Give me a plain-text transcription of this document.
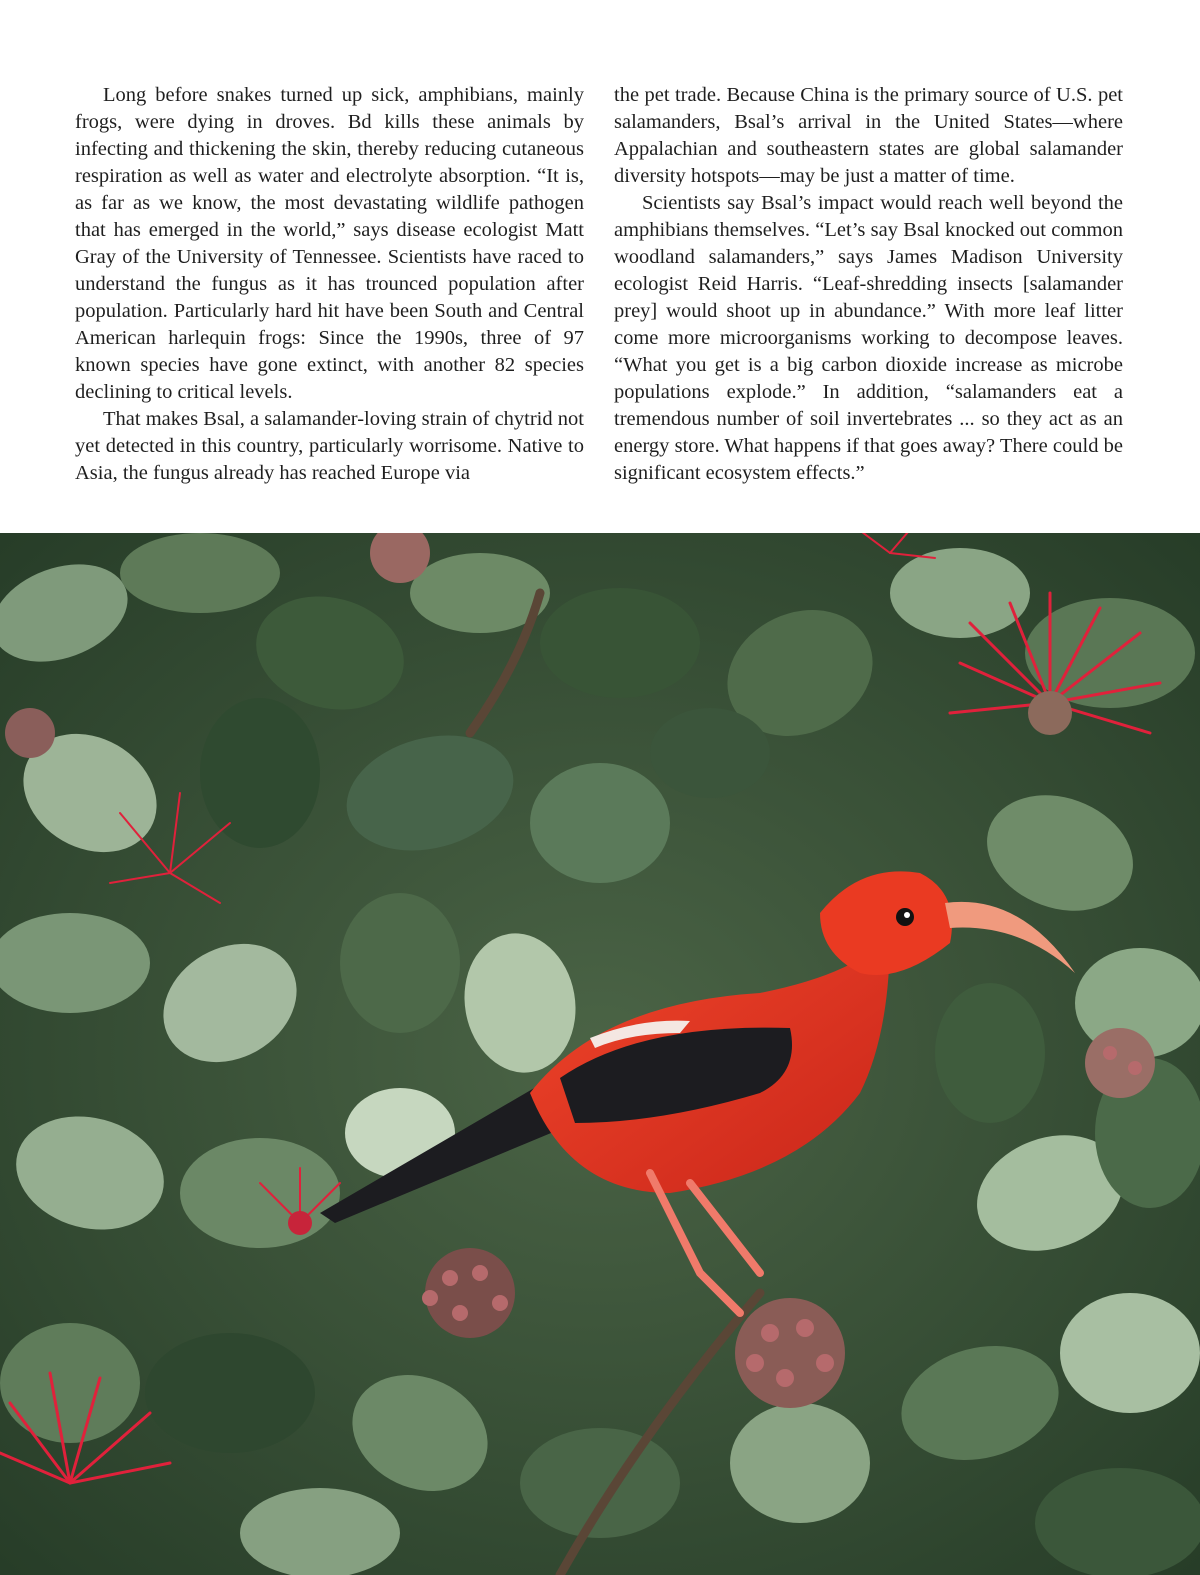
Long before snakes turned up sick, amphibians, mainly frogs, were dying in droves. Bd kills these animals by infecting and thickening the skin, thereby reducing cutaneous respiration as well as water and electrolyte absorption. “It is, as far as we know, the most devastating wildlife pathogen that has emerged in the world,” says disease ecologist Matt Gray of the University of Tennessee. Scientists have raced to understand the fungus as it has trounced population after population. Particularly hard hit have been South and Central American harlequin frogs: Since the 1990s, three of 97 known species have gone extinct, with another 82 species declining to critical levels.

That makes Bsal, a salamander-loving strain of chytrid not yet detected in this country, particularly worrisome. Native to Asia, the fungus already has reached Europe via

the pet trade. Because China is the primary source of U.S. pet salamanders, Bsal’s arrival in the United States—where Appalachian and southeastern states are global salamander diversity hotspots—may be just a matter of time.

Scientists say Bsal’s impact would reach well beyond the amphibians themselves. “Let’s say Bsal knocked out common woodland salamanders,” says James Madison University ecologist Reid Harris. “Leaf-shredding insects [salamander prey] would shoot up in abundance.” With more leaf litter come more microorganisms working to decompose leaves. “What you get is a big carbon dioxide increase as microbe populations explode.” In addition, “salamanders eat a tremendous number of soil invertebrates ... so they act as an energy store. What happens if that goes away? There could be significant ecosystem effects.”
